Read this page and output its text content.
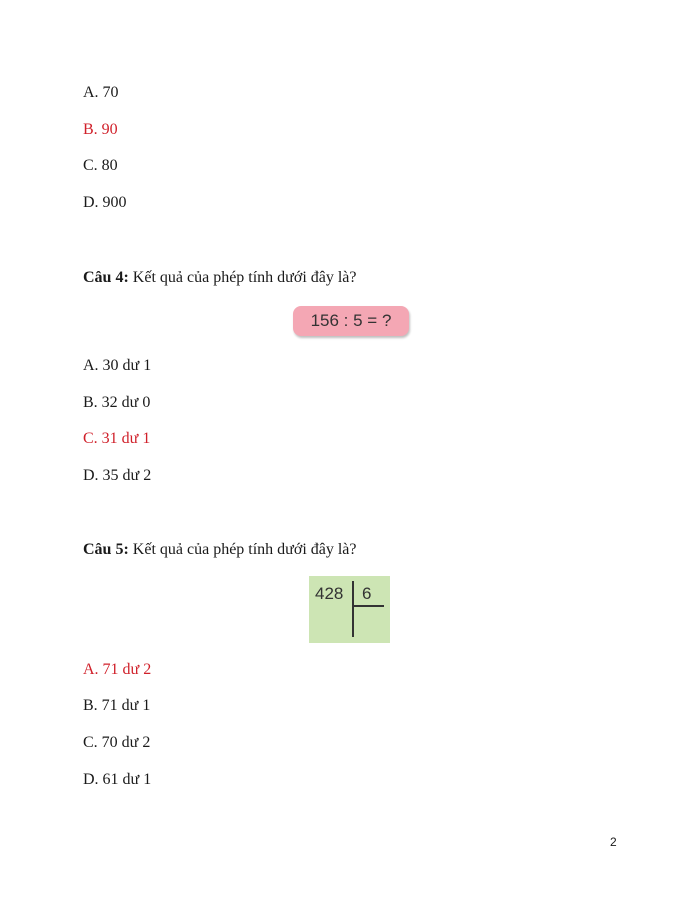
A. 70
B. 90
C. 80
D. 900
Câu 4: Kết quả của phép tính dưới đây là?
156 : 5 = ?
A. 30 dư 1
B. 32 dư 0
C. 31 dư 1
D. 35 dư 2
Câu 5: Kết quả của phép tính dưới đây là?
428 6
A. 71 dư 2
B. 71 dư 1
C. 70 dư 2
D. 61 dư 1
2
